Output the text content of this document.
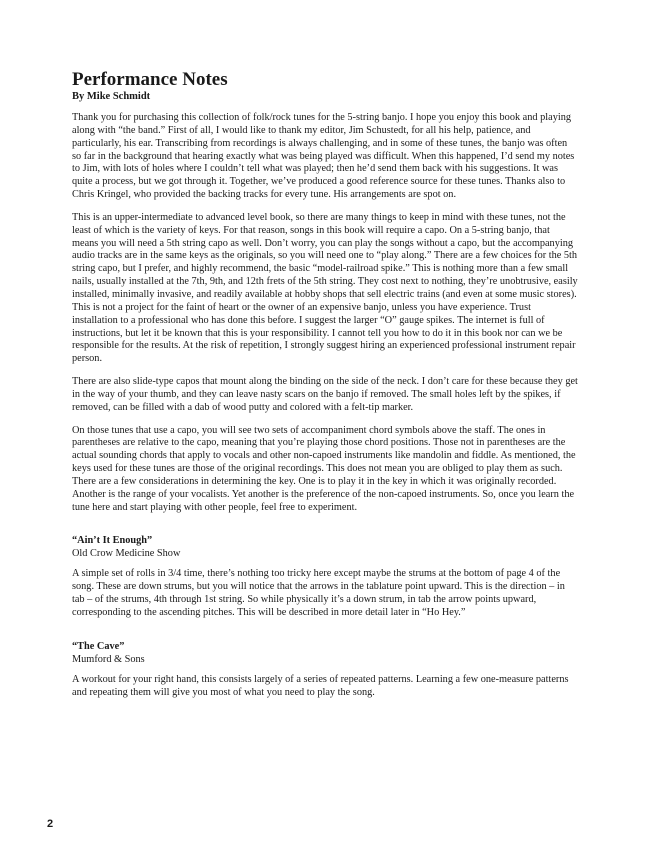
Performance Notes
By Mike Schmidt

Thank you for purchasing this collection of folk/rock tunes for the 5-string banjo. I hope you enjoy this book and playing along with “the band.” First of all, I would like to thank my editor, Jim Schustedt, for all his help, patience, and particularly, his ear. Transcribing from recordings is always challenging, and in some of these tunes, the banjo was often so far in the background that hearing exactly what was being played was difficult. When this happened, I’d send my notes to Jim, with lots of holes where I couldn’t tell what was played; then he’d send them back with his suggestions. It was quite a process, but we got through it. Together, we’ve produced a good reference source for these tunes. Thanks also to Chris Kringel, who provided the backing tracks for every tune. His arrangements are spot on.

This is an upper-intermediate to advanced level book, so there are many things to keep in mind with these tunes, not the least of which is the variety of keys. For that reason, songs in this book will require a capo. On a 5-string banjo, that means you will need a 5th string capo as well. Don’t worry, you can play the songs without a capo, but the accompanying audio tracks are in the same keys as the originals, so you will need one to “play along.” There are a few choices for the 5th string capo, but I prefer, and highly recommend, the basic “model-railroad spike.” This is nothing more than a few small nails, usually installed at the 7th, 9th, and 12th frets of the 5th string. They cost next to nothing, they’re unobtrusive, easily installed, minimally invasive, and readily available at hobby shops that sell electric trains (and even at some music stores). This is not a project for the faint of heart or the owner of an expensive banjo, unless you have experience. Trust installation to a professional who has done this before. I suggest the larger “O” gauge spikes. The internet is full of instructions, but let it be known that this is your responsibility. I cannot tell you how to do it in this book nor can we be responsible for the results. At the risk of repetition, I strongly suggest hiring an experienced professional instrument repair person.

There are also slide-type capos that mount along the binding on the side of the neck. I don’t care for these because they get in the way of your thumb, and they can leave nasty scars on the banjo if removed. The small holes left by the spikes, if removed, can be filled with a dab of wood putty and colored with a felt-tip marker.

On those tunes that use a capo, you will see two sets of accompaniment chord symbols above the staff. The ones in parentheses are relative to the capo, meaning that you’re playing those chord positions. Those not in parentheses are the actual sounding chords that apply to vocals and other non-capoed instruments like mandolin and fiddle. As mentioned, the keys used for these tunes are those of the original recordings. This does not mean you are obliged to play them as such. There are a few considerations in determining the key. One is to play it in the key in which it was originally recorded. Another is the range of your vocalists. Yet another is the preference of the non-capoed instruments. So, once you learn the tune here and start playing with other people, feel free to experiment.

“Ain’t It Enough”
Old Crow Medicine Show

A simple set of rolls in 3/4 time, there’s nothing too tricky here except maybe the strums at the bottom of page 4 of the song. These are down strums, but you will notice that the arrows in the tablature point upward. This is the direction – in tab – of the strums, 4th through 1st string. So while physically it’s a down strum, in tab the arrow points upward, corresponding to the ascending pitches. This will be described in more detail later in “Ho Hey.”

“The Cave”
Mumford & Sons

A workout for your right hand, this consists largely of a series of repeated patterns. Learning a few one-measure patterns and repeating them will give you most of what you need to play the song.

2
